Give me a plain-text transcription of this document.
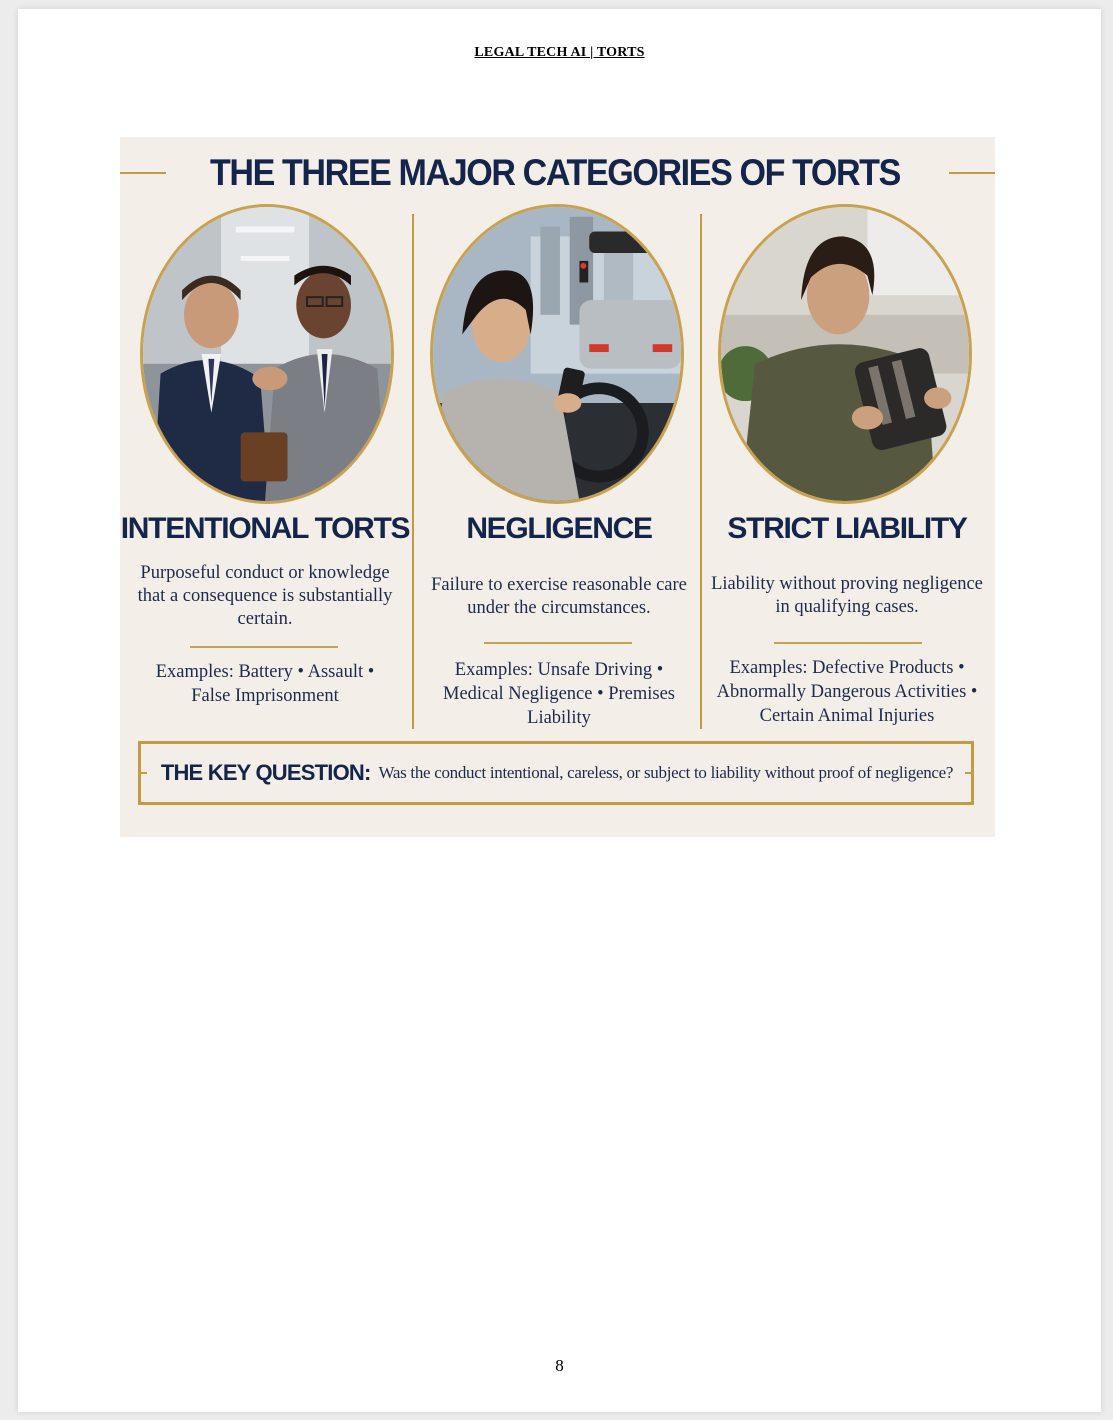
LEGAL TECH AI | TORTS
THE THREE MAJOR CATEGORIES OF TORTS
INTENTIONAL TORTS
Purposeful conduct or knowledge that a consequence is substantially certain.
Examples: Battery • Assault •
False Imprisonment
NEGLIGENCE
Failure to exercise reasonable care under the circumstances.
Examples: Unsafe Driving •
Medical Negligence • Premises Liability
STRICT LIABILITY
Liability without proving negligence in qualifying cases.
Examples: Defective Products •
Abnormally Dangerous Activities •
Certain Animal Injuries
THE KEY QUESTION: Was the conduct intentional, careless, or subject to liability without proof of negligence?
8
